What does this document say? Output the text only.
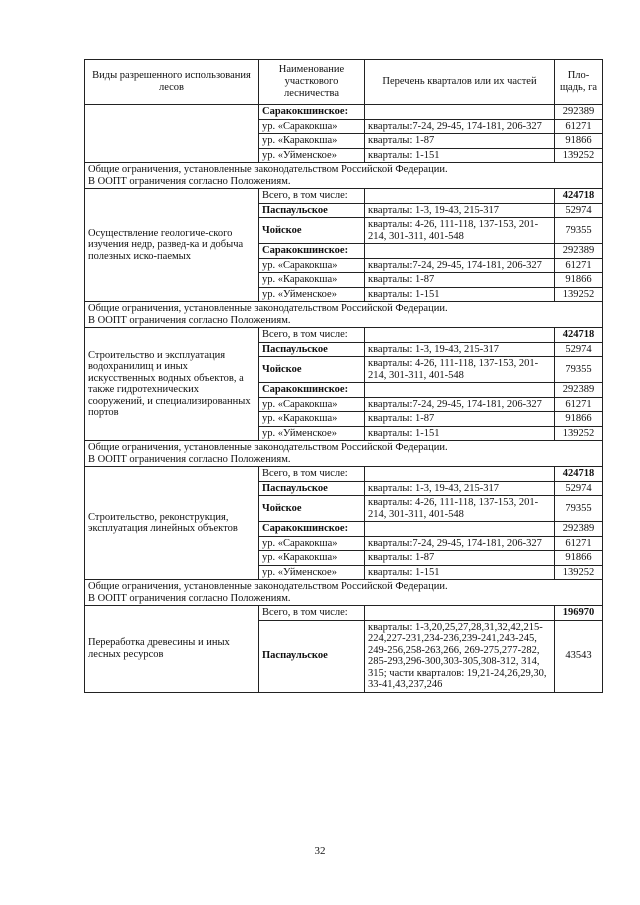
Виды разрешенного использования лесов	Наименование участкового лесничества	Перечень кварталов или их частей	Пло-щадь, га
	Саракокшинское:		292389
	ур. «Саракокша»	кварталы:7-24, 29-45, 174-181, 206-327	61271
	ур. «Каракокша»	кварталы: 1-87	91866
	ур. «Уйменское»	кварталы: 1-151	139252

Общие ограничения, установленные законодательством Российской Федерации.
В ООПТ ограничения согласно Положениям.			

Осуществление геологиче-ского изучения недр, развед-ка и добыча полезных иско-паемых	Всего, в том числе:		424718
	Паспаульское	кварталы: 1-3, 19-43, 215-317	52974
	Чойское	кварталы: 4-26, 111-118, 137-153, 201-214, 301-311, 401-548	79355
	Саракокшинское:		292389
	ур. «Саракокша»	кварталы:7-24, 29-45, 174-181, 206-327	61271
	ур. «Каракокша»	кварталы: 1-87	91866
	ур. «Уйменское»	кварталы: 1-151	139252

Общие ограничения, установленные законодательством Российской Федерации.
В ООПТ ограничения согласно Положениям.			

Строительство и эксплуатация водохранилищ и иных искусственных водных объектов, а также гидротехнических сооружений, и специализированных портов	Всего, в том числе:		424718
	Паспаульское	кварталы: 1-3, 19-43, 215-317	52974
	Чойское	кварталы: 4-26, 111-118, 137-153, 201-214, 301-311, 401-548	79355
	Саракокшинское:		292389
	ур. «Саракокша»	кварталы:7-24, 29-45, 174-181, 206-327	61271
	ур. «Каракокша»	кварталы: 1-87	91866
	ур. «Уйменское»	кварталы: 1-151	139252

Общие ограничения, установленные законодательством Российской Федерации.
В ООПТ ограничения согласно Положениям.			

Строительство, реконструкция, эксплуатация линейных объектов	Всего, в том числе:		424718
	Паспаульское	кварталы: 1-3, 19-43, 215-317	52974
	Чойское	кварталы: 4-26, 111-118, 137-153, 201-214, 301-311, 401-548	79355
	Саракокшинское:		292389
	ур. «Саракокша»	кварталы:7-24, 29-45, 174-181, 206-327	61271
	ур. «Каракокша»	кварталы: 1-87	91866
	ур. «Уйменское»	кварталы: 1-151	139252

Общие ограничения, установленные законодательством Российской Федерации.
В ООПТ ограничения согласно Положениям.			

Переработка древесины и иных лесных ресурсов	Всего, в том числе:		196970
	Паспаульское	кварталы: 1-3,20,25,27,28,31,32,42,215-224,227-231,234-236,239-241,243-245, 249-256,258-263,266, 269-275,277-282, 285-293,296-300,303-305,308-312, 314, 315; части кварталов: 19,21-24,26,29,30, 33-41,43,237,246	43543
32
